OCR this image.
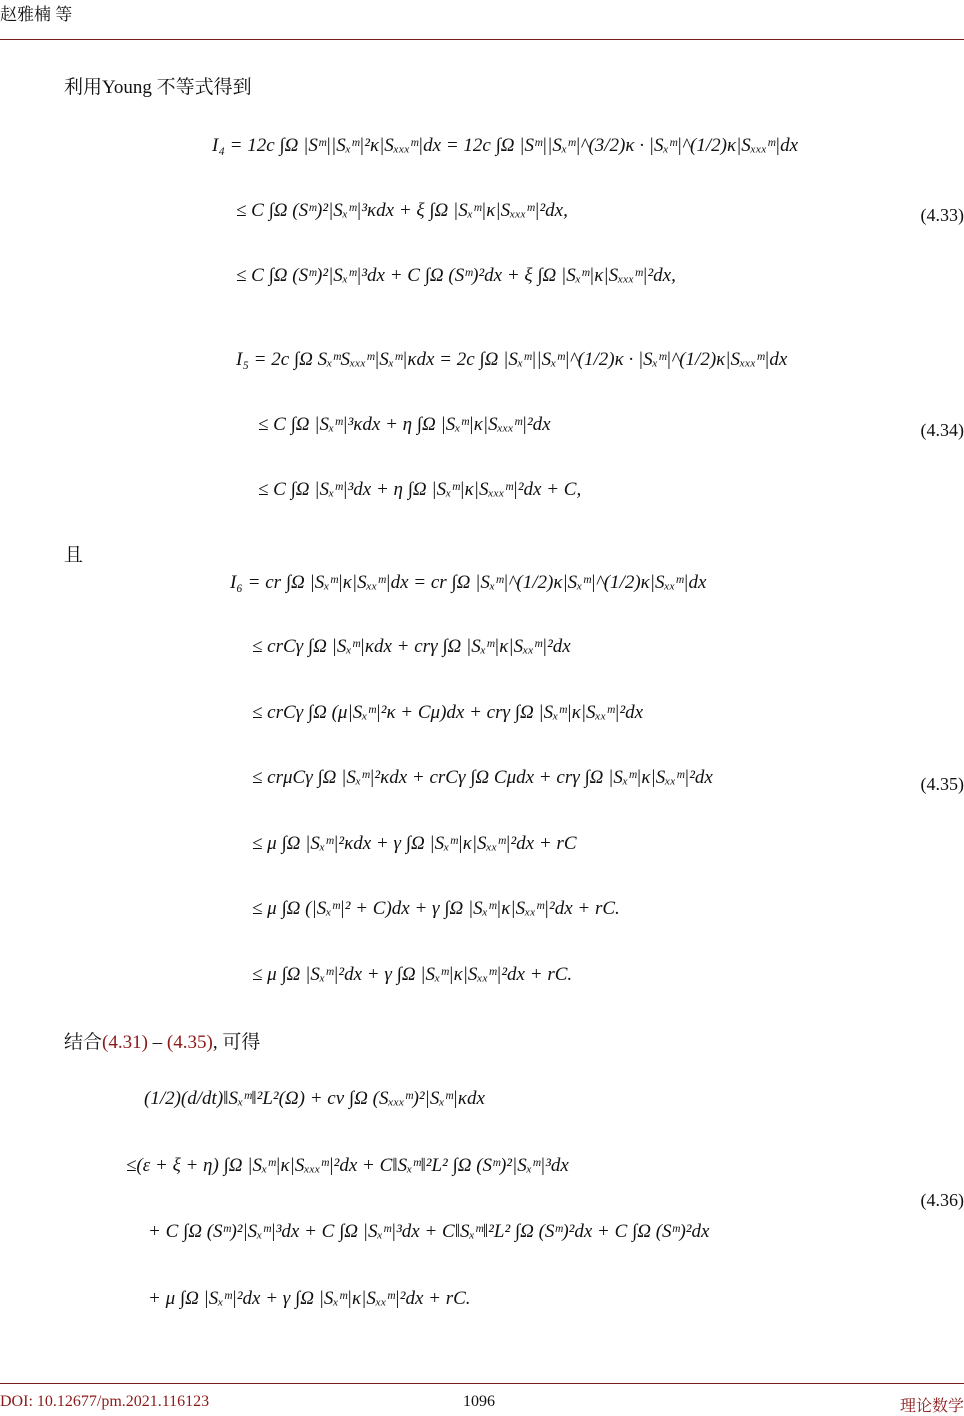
赵雅楠 等
利用Young 不等式得到
I₄ = 12c ∫Ω |Sᵐ||Sₓᵐ|²κ|Sₓₓₓᵐ|dx = 12c ∫Ω |Sᵐ||Sₓᵐ|^(3/2)κ · |Sₓᵐ|^(1/2)κ|Sₓₓₓᵐ|dx
≤ C ∫Ω (Sᵐ)²|Sₓᵐ|³κdx + ξ ∫Ω |Sₓᵐ|κ|Sₓₓₓᵐ|²dx,
≤ C ∫Ω (Sᵐ)²|Sₓᵐ|³dx + C ∫Ω (Sᵐ)²dx + ξ ∫Ω |Sₓᵐ|κ|Sₓₓₓᵐ|²dx,
(4.33)
I₅ = 2c ∫Ω SₓᵐSₓₓₓᵐ|Sₓᵐ|κdx = 2c ∫Ω |Sₓᵐ||Sₓᵐ|^(1/2)κ · |Sₓᵐ|^(1/2)κ|Sₓₓₓᵐ|dx
≤ C ∫Ω |Sₓᵐ|³κdx + η ∫Ω |Sₓᵐ|κ|Sₓₓₓᵐ|²dx
≤ C ∫Ω |Sₓᵐ|³dx + η ∫Ω |Sₓᵐ|κ|Sₓₓₓᵐ|²dx + C,
(4.34)
且
I₆ = cr ∫Ω |Sₓᵐ|κ|Sₓₓᵐ|dx = cr ∫Ω |Sₓᵐ|^(1/2)κ|Sₓᵐ|^(1/2)κ|Sₓₓᵐ|dx
≤ crCγ ∫Ω |Sₓᵐ|κdx + crγ ∫Ω |Sₓᵐ|κ|Sₓₓᵐ|²dx
≤ crCγ ∫Ω (μ|Sₓᵐ|²κ + Cμ)dx + crγ ∫Ω |Sₓᵐ|κ|Sₓₓᵐ|²dx
≤ crμCγ ∫Ω |Sₓᵐ|²κdx + crCγ ∫Ω Cμdx + crγ ∫Ω |Sₓᵐ|κ|Sₓₓᵐ|²dx
≤ μ ∫Ω |Sₓᵐ|²κdx + γ ∫Ω |Sₓᵐ|κ|Sₓₓᵐ|²dx + rC
≤ μ ∫Ω (|Sₓᵐ|² + C)dx + γ ∫Ω |Sₓᵐ|κ|Sₓₓᵐ|²dx + rC.
≤ μ ∫Ω |Sₓᵐ|²dx + γ ∫Ω |Sₓᵐ|κ|Sₓₓᵐ|²dx + rC.
(4.35)
结合(4.31) – (4.35), 可得
(1/2)(d/dt)‖Sₓᵐ‖²L²(Ω) + cν ∫Ω (Sₓₓₓᵐ)²|Sₓᵐ|κdx
≤(ε + ξ + η) ∫Ω |Sₓᵐ|κ|Sₓₓₓᵐ|²dx + C‖Sₓᵐ‖²L² ∫Ω (Sᵐ)²|Sₓᵐ|³dx
+ C ∫Ω (Sᵐ)²|Sₓᵐ|³dx + C ∫Ω |Sₓᵐ|³dx + C‖Sₓᵐ‖²L² ∫Ω (Sᵐ)²dx + C ∫Ω (Sᵐ)²dx
+ μ ∫Ω |Sₓᵐ|²dx + γ ∫Ω |Sₓᵐ|κ|Sₓₓᵐ|²dx + rC.
(4.36)
DOI: 10.12677/pm.2021.116123	1096	理论数学
